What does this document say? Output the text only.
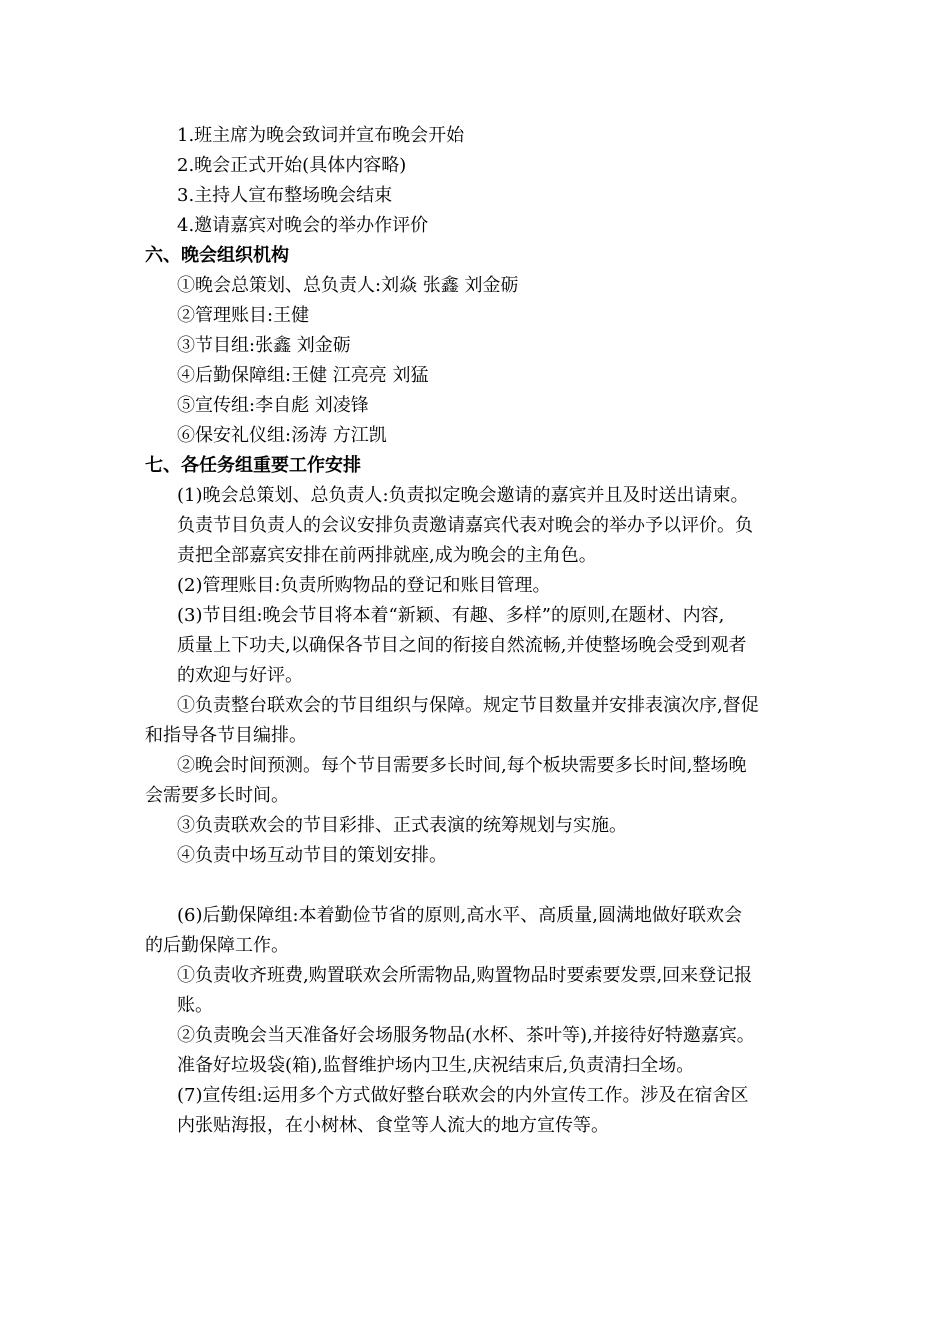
1.班主席为晚会致词并宣布晚会开始
2.晚会正式开始(具体内容略)
3.主持人宣布整场晚会结束
4.邀请嘉宾对晚会的举办作评价
六、晚会组织机构
①晚会总策划、总负责人:刘焱 张鑫 刘金砺
②管理账目:王健
③节目组:张鑫 刘金砺
④后勤保障组:王健 江亮亮 刘猛
⑤宣传组:李自彪 刘凌锋
⑥保安礼仪组:汤涛 方江凯
七、各任务组重要工作安排
(1)晚会总策划、总负责人:负责拟定晚会邀请的嘉宾并且及时送出请柬。
负责节目负责人的会议安排负责邀请嘉宾代表对晚会的举办予以评价。负
责把全部嘉宾安排在前两排就座,成为晚会的主角色。
(2)管理账目:负责所购物品的登记和账目管理。
(3)节目组:晚会节目将本着“新颖、有趣、多样”的原则,在题材、内容,
质量上下功夫,以确保各节目之间的衔接自然流畅,并使整场晚会受到观者
的欢迎与好评。
①负责整台联欢会的节目组织与保障。规定节目数量并安排表演次序,督促
和指导各节目编排。
②晚会时间预测。每个节目需要多长时间,每个板块需要多长时间,整场晚
会需要多长时间。
③负责联欢会的节目彩排、正式表演的统筹规划与实施。
④负责中场互动节目的策划安排。
(6)后勤保障组:本着勤俭节省的原则,高水平、高质量,圆满地做好联欢会
的后勤保障工作。
①负责收齐班费,购置联欢会所需物品,购置物品时要索要发票,回来登记报
账。
②负责晚会当天准备好会场服务物品(水杯、茶叶等),并接待好特邀嘉宾。
准备好垃圾袋(箱),监督维护场内卫生,庆祝结束后,负责清扫全场。
(7)宣传组:运用多个方式做好整台联欢会的内外宣传工作。涉及在宿舍区
内张贴海报，在小树林、食堂等人流大的地方宣传等。
